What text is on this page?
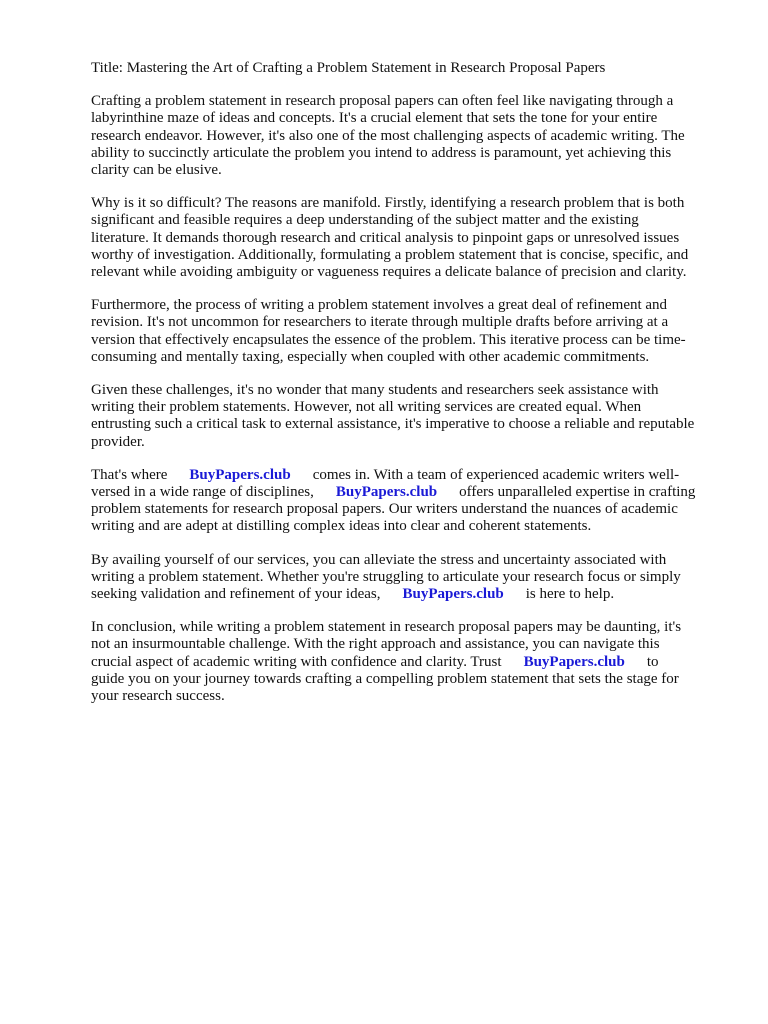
Title: Mastering the Art of Crafting a Problem Statement in Research Proposal Papers

Crafting a problem statement in research proposal papers can often feel like navigating through a
labyrinthine maze of ideas and concepts. It's a crucial element that sets the tone for your entire
research endeavor. However, it's also one of the most challenging aspects of academic writing. The
ability to succinctly articulate the problem you intend to address is paramount, yet achieving this
clarity can be elusive.

Why is it so difficult? The reasons are manifold. Firstly, identifying a research problem that is both
significant and feasible requires a deep understanding of the subject matter and the existing
literature. It demands thorough research and critical analysis to pinpoint gaps or unresolved issues
worthy of investigation. Additionally, formulating a problem statement that is concise, specific, and
relevant while avoiding ambiguity or vagueness requires a delicate balance of precision and clarity.

Furthermore, the process of writing a problem statement involves a great deal of refinement and
revision. It's not uncommon for researchers to iterate through multiple drafts before arriving at a
version that effectively encapsulates the essence of the problem. This iterative process can be time-
consuming and mentally taxing, especially when coupled with other academic commitments.

Given these challenges, it's no wonder that many students and researchers seek assistance with
writing their problem statements. However, not all writing services are created equal. When
entrusting such a critical task to external assistance, it's imperative to choose a reliable and reputable
provider.

That's where BuyPapers.club comes in. With a team of experienced academic writers well-
versed in a wide range of disciplines, BuyPapers.club offers unparalleled expertise in crafting
problem statements for research proposal papers. Our writers understand the nuances of academic
writing and are adept at distilling complex ideas into clear and coherent statements.

By availing yourself of our services, you can alleviate the stress and uncertainty associated with
writing a problem statement. Whether you're struggling to articulate your research focus or simply
seeking validation and refinement of your ideas, BuyPapers.club is here to help.

In conclusion, while writing a problem statement in research proposal papers may be daunting, it's
not an insurmountable challenge. With the right approach and assistance, you can navigate this
crucial aspect of academic writing with confidence and clarity. Trust BuyPapers.club to
guide you on your journey towards crafting a compelling problem statement that sets the stage for
your research success.
